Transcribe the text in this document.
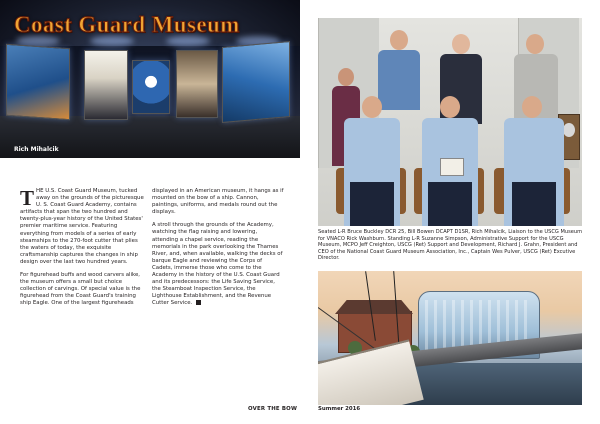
Coast Guard Museum
Rich Mihalcik

THE U.S. Coast Guard Museum, tucked away on the grounds of the picturesque U. S. Coast Guard Academy, contains artifacts that span the two hundred and twenty-plus-year history of the United States' premier maritime service. Featuring everything from models of a series of early steamships to the 270-foot cutter that plies the waters of today, the exquisite craftsmanship captures the changes in ship design over the last two hundred years.

For figurehead buffs and wood carvers alike, the museum offers a small but choice collection of carvings. Of special value is the figurehead from the Coast Guard's training ship Eagle. One of the largest figureheads

displayed in an American museum, it hangs as if mounted on the bow of a ship. Cannon, paintings, uniforms, and medals round out the displays.

A stroll through the grounds of the Academy, watching the flag raising and lowering, attending a chapel service, reading the memorials in the park overlooking the Thames River, and, when available, walking the decks of barque Eagle and reviewing the Corps of Cadets, immerse those who come to the Academy in the history of the U.S. Coast Guard and its predecessors: the Life Saving Service, the Steamboat Inspection Service, the Lighthouse Establishment, and the Revenue Cutter Service.

OVER THE BOW
Seated L-R Bruce Buckley DCR 25, Bill Bowen DCAPT D1SR, Rich Mihalcik, Liaison to the USCG Museum for VNACO Rick Washburn. Standing L-R Suzanne Simpson, Administrative Support for the USCG Museum, MCPO Jeff Creighton, USCG (Ret) Support and Development, Richard J. Grahn, President and CEO of the National Coast Guard Museum Association, Inc., Captain Wes Pulver, USCG (Ret) Excutive Director.
Summer 2016
